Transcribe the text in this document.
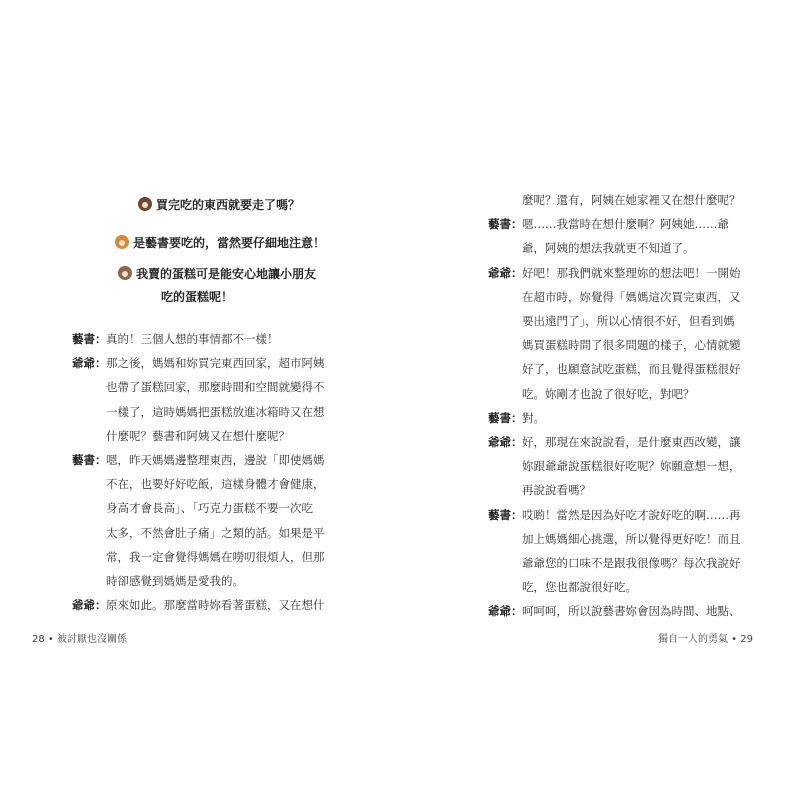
買完吃的東西就要走了嗎？
是藝書要吃的，當然要仔細地注意！
我賣的蛋糕可是能安心地讓小朋友
吃的蛋糕呢！
藝書：真的！三個人想的事情都不一樣！
爺爺：那之後，媽媽和妳買完東西回家，超市阿姨
也帶了蛋糕回家，那麼時間和空間就變得不
一樣了，這時媽媽把蛋糕放進冰箱時又在想
什麼呢？藝書和阿姨又在想什麼呢？
藝書：嗯，昨天媽媽邊整理東西，邊說「即使媽媽
不在，也要好好吃飯，這樣身體才會健康，
身高才會長高」、「巧克力蛋糕不要一次吃
太多，不然會肚子痛」之類的話。如果是平
常，我一定會覺得媽媽在嘮叨很煩人，但那
時卻感覺到媽媽是愛我的。
爺爺：原來如此。那麼當時妳看著蛋糕，又在想什
28 • 被討厭也沒關係
麼呢？還有，阿姨在她家裡又在想什麼呢？
藝書：嗯……我當時在想什麼啊？阿姨她……爺
爺，阿姨的想法我就更不知道了。
爺爺：好吧！那我們就來整理妳的想法吧！一開始
在超市時，妳覺得「媽媽這次買完東西，又
要出遠門了」，所以心情很不好，但看到媽
媽買蛋糕時問了很多問題的樣子，心情就變
好了，也願意試吃蛋糕，而且覺得蛋糕很好
吃。妳剛才也說了很好吃，對吧？
藝書：對。
爺爺：好，那現在來說說看，是什麼東西改變，讓
妳跟爺爺說蛋糕很好吃呢？妳願意想一想，
再說說看嗎？
藝書：哎喲！當然是因為好吃才說好吃的啊……再
加上媽媽細心挑選，所以覺得更好吃！而且
爺爺您的口味不是跟我很像嗎？每次我說好
吃，您也都說很好吃。
爺爺：呵呵呵，所以說藝書妳會因為時間、地點、
獨自一人的勇氣 • 29
